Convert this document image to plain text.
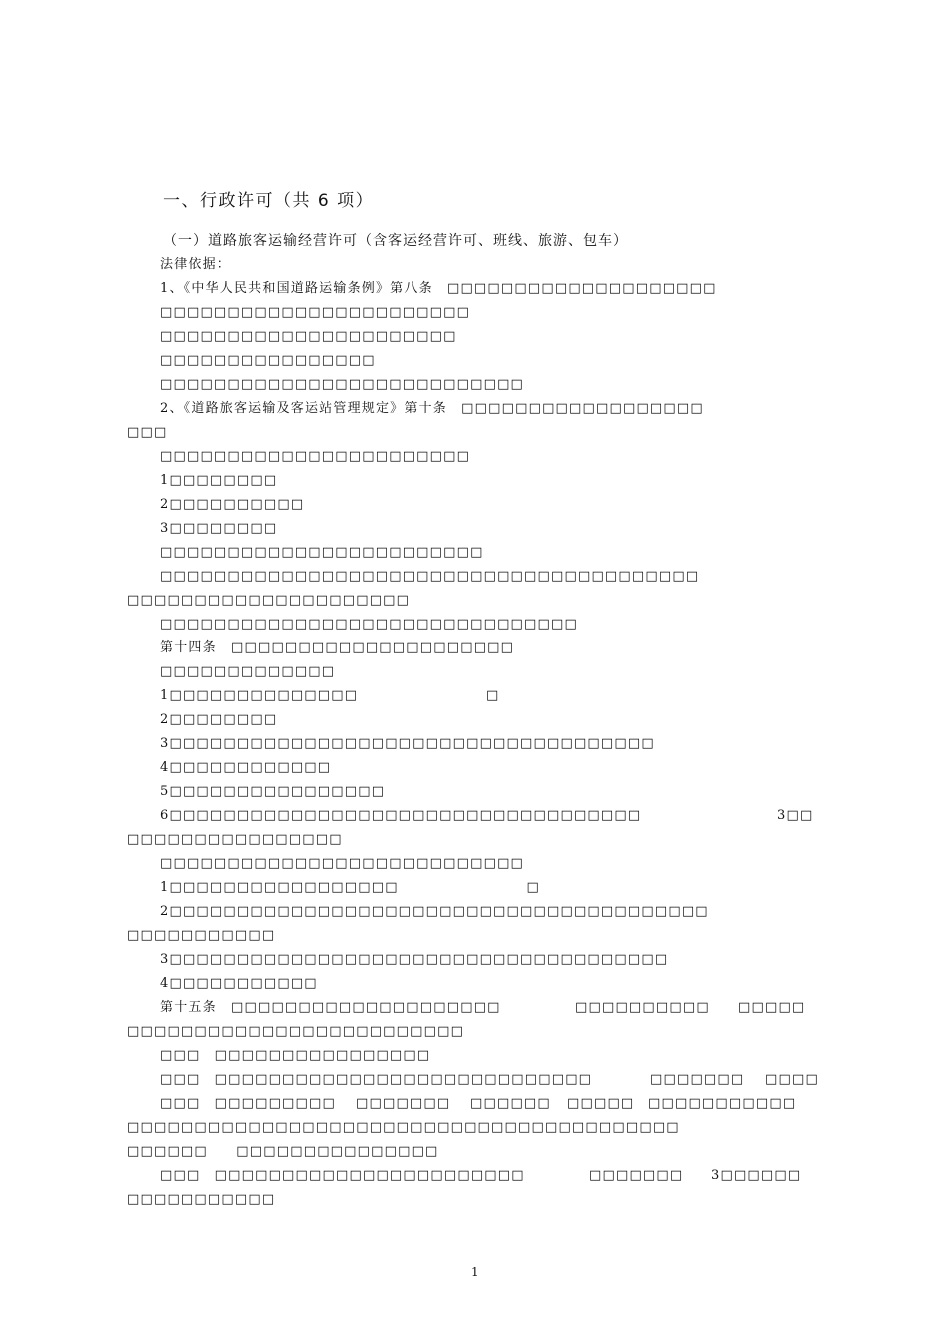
一、行政许可（共 6 项）
（一）道路旅客运输经营许可（含客运经营许可、班线、旅游、包车）
法律依据：
1、《中华人民共和国道路运输条例》第八条　□□□□□□□□□□□□□□□□□□□□
□□□□□□□□□□□□□□□□□□□□□□□
□□□□□□□□□□□□□□□□□□□□□□
□□□□□□□□□□□□□□□□
□□□□□□□□□□□□□□□□□□□□□□□□□□□
2、《道路旅客运输及客运站管理规定》第十条　□□□□□□□□□□□□□□□□□□
□□□
□□□□□□□□□□□□□□□□□□□□□□□
1□□□□□□□□
2□□□□□□□□□□
3□□□□□□□□
□□□□□□□□□□□□□□□□□□□□□□□□
□□□□□□□□□□□□□□□□□□□□□□□□□□□□□□□□□□□□□□□□
□□□□□□□□□□□□□□□□□□□□□
□□□□□□□□□□□□□□□□□□□□□□□□□□□□□□□
第十四条　□□□□□□□□□□□□□□□□□□□□□
□□□□□□□□□□□□□
1□□□□□□□□□□□□□□　　　　　　　　　□
2□□□□□□□□
3□□□□□□□□□□□□□□□□□□□□□□□□□□□□□□□□□□□□
4□□□□□□□□□□□□
5□□□□□□□□□□□□□□□□
6□□□□□□□□□□□□□□□□□□□□□□□□□□□□□□□□□□□	3□□
□□□□□□□□□□□□□□□□
□□□□□□□□□□□□□□□□□□□□□□□□□□□
1□□□□□□□□□□□□□□□□□　　　　　　　　　□
2□□□□□□□□□□□□□□□□□□□□□□□□□□□□□□□□□□□□□□□□
□□□□□□□□□□□
3□□□□□□□□□□□□□□□□□□□□□□□□□□□□□□□□□□□□□
4□□□□□□□□□□□
第十五条　□□□□□□□□□□□□□□□□□□□□	□□□□□□□□□□ □□□□□
□□□□□□□□□□□□□□□□□□□□□□□□□
□□□　□□□□□□□□□□□□□□□□
□□□　□□□□□□□□□□□□□□□□□□□□□□□□□□□□	□□□□□□□ □□□□
□□□　□□□□□□□□□ □□□□□□□ □□□□□□ □□□□□ □□□□□□□□□□□
□□□□□□□□□□□□□□□□□□□□□□□□□□□□□□□□□□□□□□□□□
□□□□□□　　□□□□□□□□□□□□□□□
□□□　□□□□□□□□□□□□□□□□□□□□□□□	□□□□□□□ 3□□□□□□
□□□□□□□□□□□
1
